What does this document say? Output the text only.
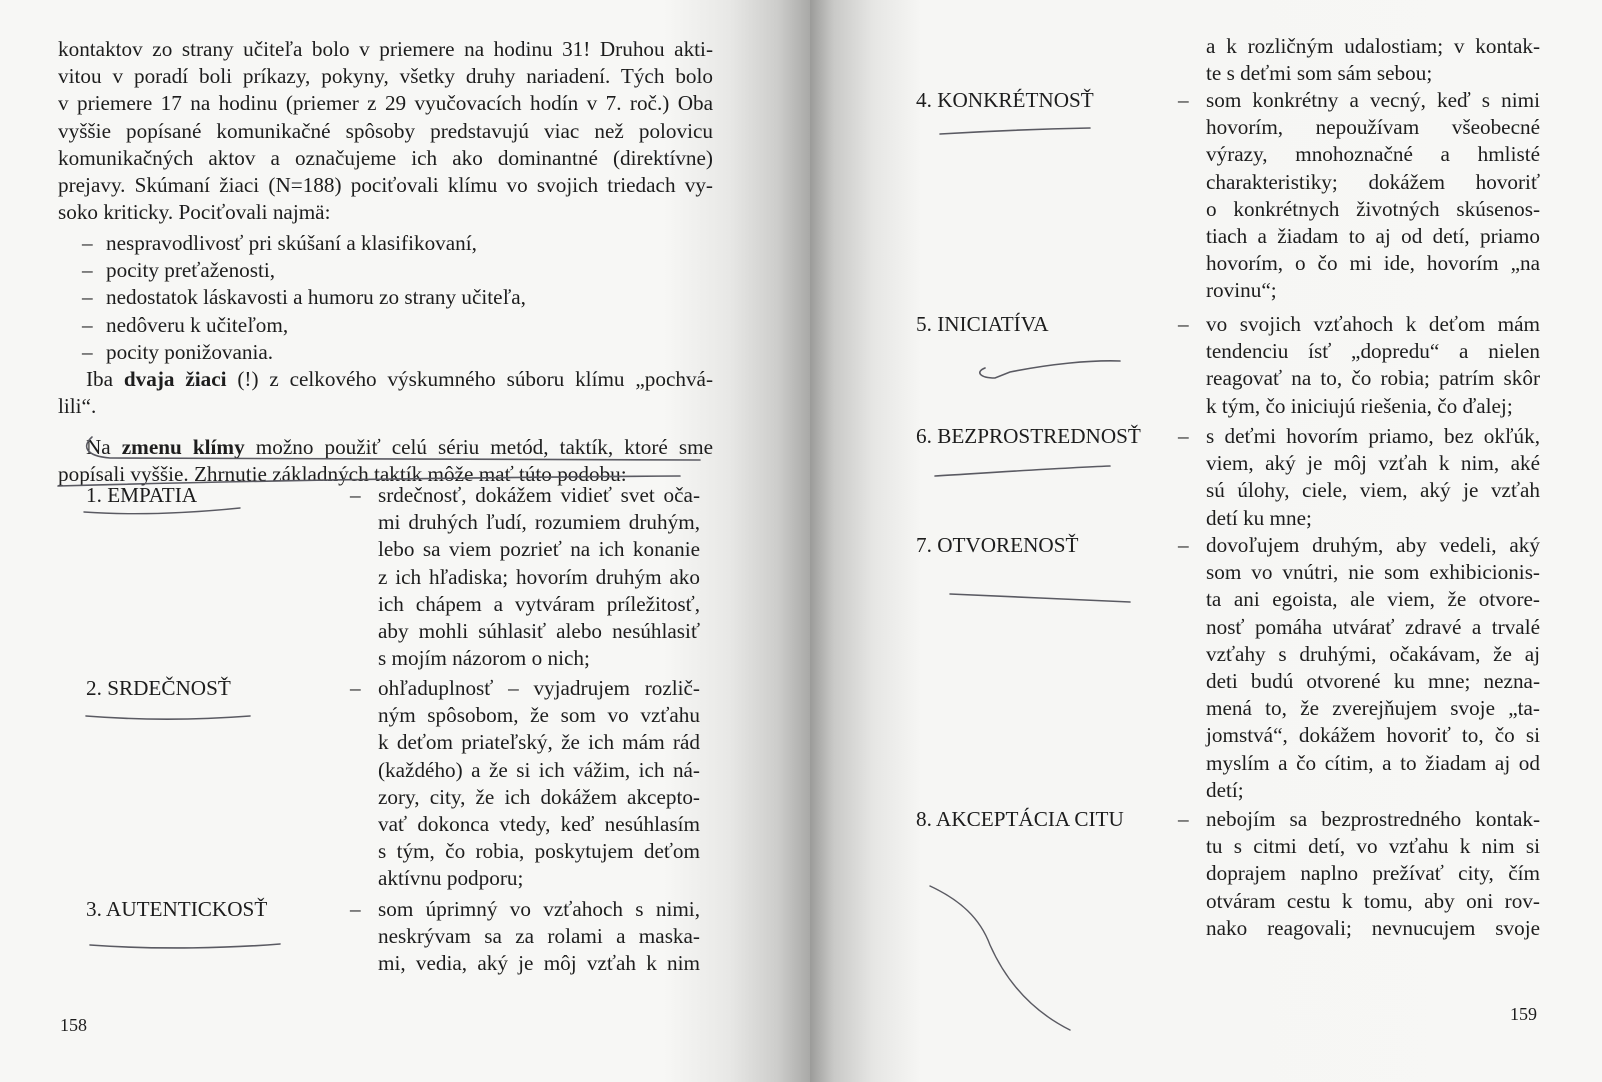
kontaktov zo strany učiteľa bolo v priemere na hodinu 31! Druhou akti-
vitou v poradí boli príkazy, pokyny, všetky druhy nariadení. Tých bolo
v priemere 17 na hodinu (priemer z 29 vyučovacích hodín v 7. roč.) Oba
vyššie popísané komunikačné spôsoby predstavujú viac než polovicu
komunikačných aktov a označujeme ich ako dominantné (direktívne)
prejavy. Skúmaní žiaci (N=188) pociťovali klímu vo svojich triedach vy-
soko kriticky. Pociťovali najmä:
– nespravodlivosť pri skúšaní a klasifikovaní,
– pocity preťaženosti,
– nedostatok láskavosti a humoru zo strany učiteľa,
– nedôveru k učiteľom,
– pocity ponižovania.
Iba dvaja žiaci (!) z celkového výskumného súboru klímu „pochvá-
lili“.
Na zmenu klímy možno použiť celú sériu metód, taktík, ktoré sme
popísali vyššie. Zhrnutie základných taktík môže mať túto podobu:
1. EMPATIA	– srdečnosť, dokážem vidieť svet oča-
mi druhých ľudí, rozumiem druhým,
lebo sa viem pozrieť na ich konanie
z ich hľadiska; hovorím druhým ako
ich chápem a vytváram príležitosť,
aby mohli súhlasiť alebo nesúhlasiť
s mojím názorom o nich;
2. SRDEČNOSŤ	– ohľaduplnosť – vyjadrujem rozlič-
ným spôsobom, že som vo vzťahu
k deťom priateľský, že ich mám rád
(každého) a že si ich vážim, ich ná-
zory, city, že ich dokážem akcepto-
vať dokonca vtedy, keď nesúhlasím
s tým, čo robia, poskytujem deťom
aktívnu podporu;
3. AUTENTICKOSŤ	– som úprimný vo vzťahoch s nimi,
neskrývam sa za rolami a maska-
mi, vedia, aký je môj vzťah k nim
158
a k rozličným udalostiam; v kontak-
te s deťmi som sám sebou;
4. KONKRÉTNOSŤ	– som konkrétny a vecný, keď s nimi
hovorím, nepoužívam všeobecné
výrazy, mnohoznačné a hmlisté
charakteristiky; dokážem hovoriť
o konkrétnych životných skúsenos-
tiach a žiadam to aj od detí, priamo
hovorím, o čo mi ide, hovorím „na
rovinu“;
5. INICIATÍVA	– vo svojich vzťahoch k deťom mám
tendenciu ísť „dopredu“ a nielen
reagovať na to, čo robia; patrím skôr
k tým, čo iniciujú riešenia, čo ďalej;
6. BEZPROSTREDNOSŤ – s deťmi hovorím priamo, bez okľúk,
viem, aký je môj vzťah k nim, aké
sú úlohy, ciele, viem, aký je vzťah
detí ku mne;
7. OTVORENOSŤ	– dovoľujem druhým, aby vedeli, aký
som vo vnútri, nie som exhibicionis-
ta ani egoista, ale viem, že otvore-
nosť pomáha utvárať zdravé a trvalé
vzťahy s druhými, očakávam, že aj
deti budú otvorené ku mne; nezna-
mená to, že zverejňujem svoje „ta-
jomstvá“, dokážem hovoriť to, čo si
myslím a čo cítim, a to žiadam aj od
detí;
8. AKCEPTÁCIA CITU	– nebojím sa bezprostredného kontak-
tu s citmi detí, vo vzťahu k nim si
doprajem naplno prežívať city, čím
otváram cestu k tomu, aby oni rov-
nako reagovali; nevnucujem svoje
159
